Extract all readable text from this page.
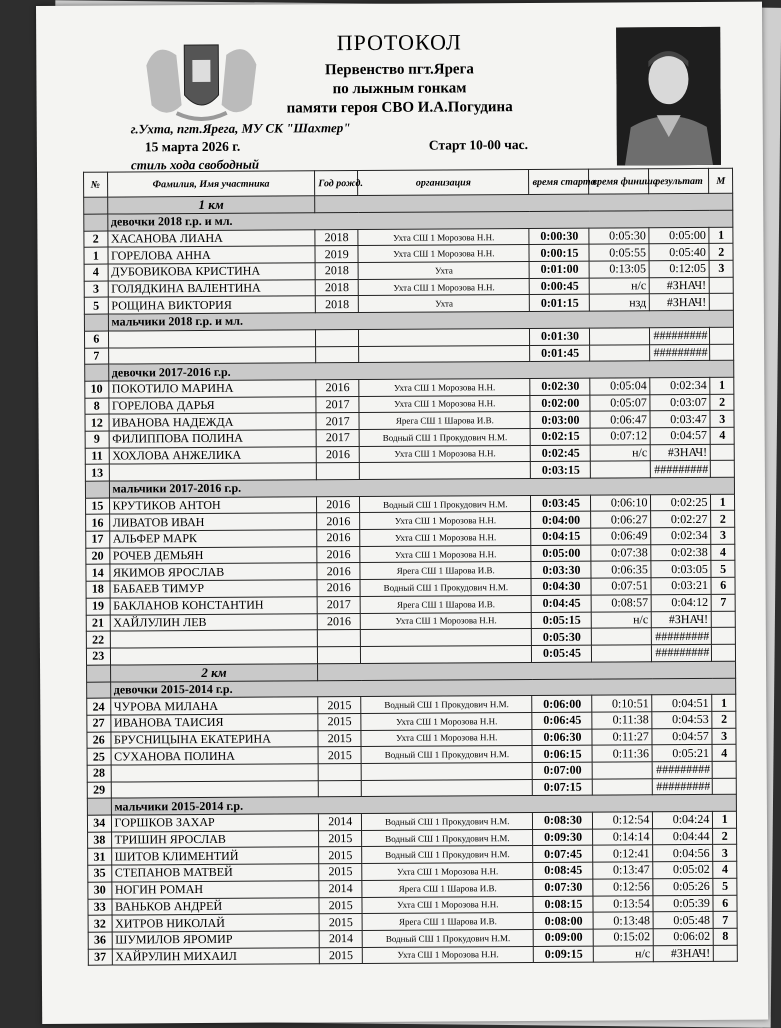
ПРОТОКОЛ
Первенство пгт.Ярега
по лыжным гонкам
памяти героя СВО И.А.Погудина
г.Ухта, пгт.Ярега, МУ СК "Шахтер"
15 марта 2026 г.	Старт 10-00 час.
стиль хода свободный
№	Фамилия, Имя участника	Год рожд.	организация	время старта	время финиша	результат	М
	1 км						
	девочки 2018 г.р. и мл.						
2	ХАСАНОВА ЛИАНА	2018	Ухта СШ 1 Морозова Н.Н.	0:00:30	0:05:30	0:05:00	1
1	ГОРЕЛОВА АННА	2019	Ухта СШ 1 Морозова Н.Н.	0:00:15	0:05:55	0:05:40	2
4	ДУБОВИКОВА КРИСТИНА	2018	Ухта	0:01:00	0:13:05	0:12:05	3
3	ГОЛЯДКИНА ВАЛЕНТИНА	2018	Ухта СШ 1 Морозова Н.Н.	0:00:45	н/с	#ЗНАЧ!	
5	РОЩИНА ВИКТОРИЯ	2018	Ухта	0:01:15	нзд	#ЗНАЧ!	
	мальчики 2018 г.р. и мл.						
6				0:01:30		#########	
7				0:01:45		#########	
	девочки 2017-2016 г.р.						
10	ПОКОТИЛО МАРИНА	2016	Ухта СШ 1 Морозова Н.Н.	0:02:30	0:05:04	0:02:34	1
8	ГОРЕЛОВА ДАРЬЯ	2017	Ухта СШ 1 Морозова Н.Н.	0:02:00	0:05:07	0:03:07	2
12	ИВАНОВА НАДЕЖДА	2017	Ярега СШ 1 Шарова И.В.	0:03:00	0:06:47	0:03:47	3
9	ФИЛИППОВА ПОЛИНА	2017	Водный СШ 1 Прокудович Н.М.	0:02:15	0:07:12	0:04:57	4
11	ХОХЛОВА АНЖЕЛИКА	2016	Ухта СШ 1 Морозова Н.Н.	0:02:45	н/с	#ЗНАЧ!	
13				0:03:15		#########	
	мальчики 2017-2016 г.р.						
15	КРУТИКОВ АНТОН	2016	Водный СШ 1 Прокудович Н.М.	0:03:45	0:06:10	0:02:25	1
16	ЛИВАТОВ ИВАН	2016	Ухта СШ 1 Морозова Н.Н.	0:04:00	0:06:27	0:02:27	2
17	АЛЬФЕР МАРК	2016	Ухта СШ 1 Морозова Н.Н.	0:04:15	0:06:49	0:02:34	3
20	РОЧЕВ ДЕМЬЯН	2016	Ухта СШ 1 Морозова Н.Н.	0:05:00	0:07:38	0:02:38	4
14	ЯКИМОВ ЯРОСЛАВ	2016	Ярега СШ 1 Шарова И.В.	0:03:30	0:06:35	0:03:05	5
18	БАБАЕВ ТИМУР	2016	Водный СШ 1 Прокудович Н.М.	0:04:30	0:07:51	0:03:21	6
19	БАКЛАНОВ КОНСТАНТИН	2017	Ярега СШ 1 Шарова И.В.	0:04:45	0:08:57	0:04:12	7
21	ХАЙЛУЛИН ЛЕВ	2016	Ухта СШ 1 Морозова Н.Н.	0:05:15	н/с	#ЗНАЧ!	
22				0:05:30		#########	
23				0:05:45		#########	
	2 км						
	девочки 2015-2014 г.р.						
24	ЧУРОВА МИЛАНА	2015	Водный СШ 1 Прокудович Н.М.	0:06:00	0:10:51	0:04:51	1
27	ИВАНОВА ТАИСИЯ	2015	Ухта СШ 1 Морозова Н.Н.	0:06:45	0:11:38	0:04:53	2
26	БРУСНИЦЫНА ЕКАТЕРИНА	2015	Ухта СШ 1 Морозова Н.Н.	0:06:30	0:11:27	0:04:57	3
25	СУХАНОВА ПОЛИНА	2015	Водный СШ 1 Прокудович Н.М.	0:06:15	0:11:36	0:05:21	4
28				0:07:00		#########	
29				0:07:15		#########	
	мальчики 2015-2014 г.р.						
34	ГОРШКОВ ЗАХАР	2014	Водный СШ 1 Прокудович Н.М.	0:08:30	0:12:54	0:04:24	1
38	ТРИШИН ЯРОСЛАВ	2015	Водный СШ 1 Прокудович Н.М.	0:09:30	0:14:14	0:04:44	2
31	ШИТОВ КЛИМЕНТИЙ	2015	Водный СШ 1 Прокудович Н.М.	0:07:45	0:12:41	0:04:56	3
35	СТЕПАНОВ МАТВЕЙ	2015	Ухта СШ 1 Морозова Н.Н.	0:08:45	0:13:47	0:05:02	4
30	НОГИН РОМАН	2014	Ярега СШ 1 Шарова И.В.	0:07:30	0:12:56	0:05:26	5
33	ВАНЬКОВ АНДРЕЙ	2015	Ухта СШ 1 Морозова Н.Н.	0:08:15	0:13:54	0:05:39	6
32	ХИТРОВ НИКОЛАЙ	2015	Ярега СШ 1 Шарова И.В.	0:08:00	0:13:48	0:05:48	7
36	ШУМИЛОВ ЯРОМИР	2014	Водный СШ 1 Прокудович Н.М.	0:09:00	0:15:02	0:06:02	8
37	ХАЙРУЛИН МИХАИЛ	2015	Ухта СШ 1 Морозова Н.Н.	0:09:15	н/с	#ЗНАЧ!	
